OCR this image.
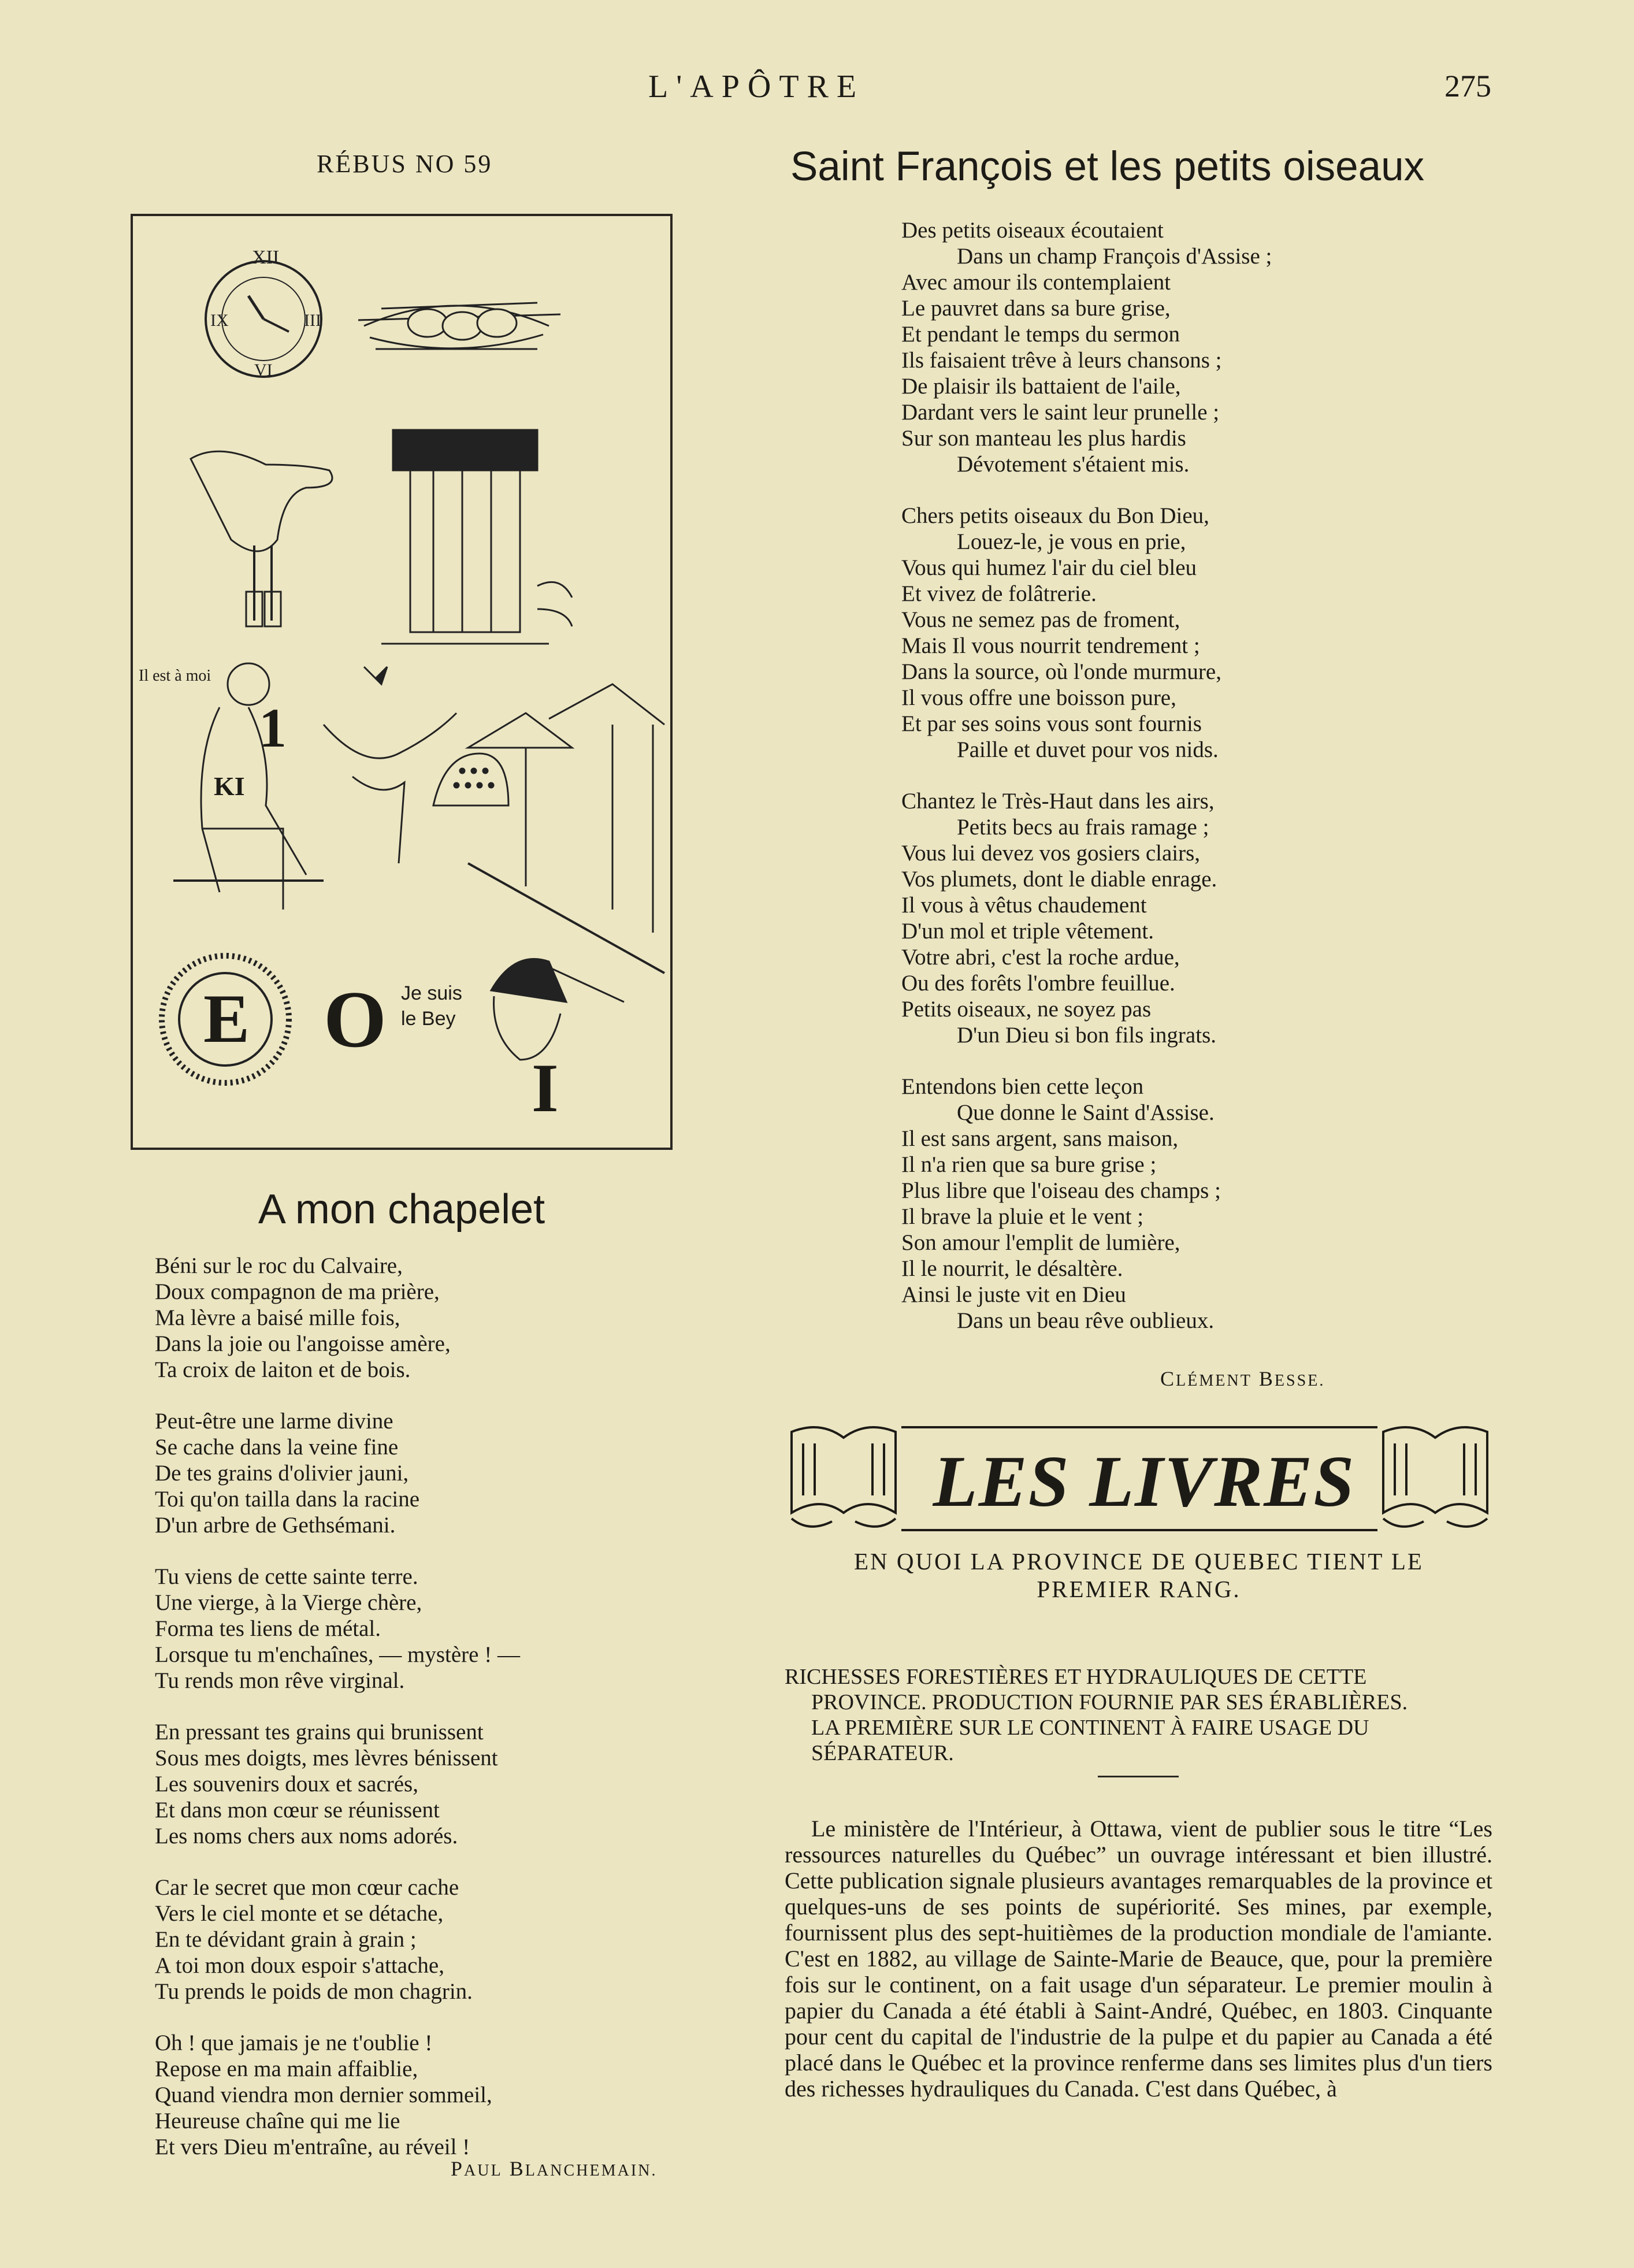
L'APÔTRE	275
RÉBUS NO 59
XII
III
VI
IX
Il est à moi
KI
1
E O Je suis
le Bey
I
A mon chapelet
Béni sur le roc du Calvaire,
Doux compagnon de ma prière,
Ma lèvre a baisé mille fois,
Dans la joie ou l'angoisse amère,
Ta croix de laiton et de bois.
Peut-être une larme divine
Se cache dans la veine fine
De tes grains d'olivier jauni,
Toi qu'on tailla dans la racine
D'un arbre de Gethsémani.
Tu viens de cette sainte terre.
Une vierge, à la Vierge chère,
Forma tes liens de métal.
Lorsque tu m'enchaînes, — mystère ! —
Tu rends mon rêve virginal.
En pressant tes grains qui brunissent
Sous mes doigts, mes lèvres bénissent
Les souvenirs doux et sacrés,
Et dans mon cœur se réunissent
Les noms chers aux noms adorés.
Car le secret que mon cœur cache
Vers le ciel monte et se détache,
En te dévidant grain à grain ;
A toi mon doux espoir s'attache,
Tu prends le poids de mon chagrin.
Oh ! que jamais je ne t'oublie !
Repose en ma main affaiblie,
Quand viendra mon dernier sommeil,
Heureuse chaîne qui me lie
Et vers Dieu m'entraîne, au réveil !
PAUL BLANCHEMAIN.
Saint François et les petits oiseaux
Des petits oiseaux écoutaient
Dans un champ François d'Assise ;
Avec amour ils contemplaient
Le pauvret dans sa bure grise,
Et pendant le temps du sermon
Ils faisaient trêve à leurs chansons ;
De plaisir ils battaient de l'aile,
Dardant vers le saint leur prunelle ;
Sur son manteau les plus hardis
Dévotement s'étaient mis.
Chers petits oiseaux du Bon Dieu,
Louez-le, je vous en prie,
Vous qui humez l'air du ciel bleu
Et vivez de folâtrerie.
Vous ne semez pas de froment,
Mais Il vous nourrit tendrement ;
Dans la source, où l'onde murmure,
Il vous offre une boisson pure,
Et par ses soins vous sont fournis
Paille et duvet pour vos nids.
Chantez le Très-Haut dans les airs,
Petits becs au frais ramage ;
Vous lui devez vos gosiers clairs,
Vos plumets, dont le diable enrage.
Il vous à vêtus chaudement
D'un mol et triple vêtement.
Votre abri, c'est la roche ardue,
Ou des forêts l'ombre feuillue.
Petits oiseaux, ne soyez pas
D'un Dieu si bon fils ingrats.
Entendons bien cette leçon
Que donne le Saint d'Assise.
Il est sans argent, sans maison,
Il n'a rien que sa bure grise ;
Plus libre que l'oiseau des champs ;
Il brave la pluie et le vent ;
Son amour l'emplit de lumière,
Il le nourrit, le désaltère.
Ainsi le juste vit en Dieu
Dans un beau rêve oublieux.
CLÉMENT BESSE.
LES LIVRES
EN QUOI LA PROVINCE DE QUEBEC TIENT LE
PREMIER RANG.
RICHESSES FORESTIÈRES ET HYDRAULIQUES DE CETTE
PROVINCE. PRODUCTION FOURNIE PAR SES ÉRABLIÈRES.
LA PREMIÈRE SUR LE CONTINENT À FAIRE USAGE DU
SÉPARATEUR.

Le ministère de l'Intérieur, à Ottawa, vient de publier sous le titre “Les ressources naturelles du Québec” un ouvrage intéressant et bien illustré. Cette publication signale plusieurs avantages remarquables de la province et quelques-uns de ses points de supériorité. Ses mines, par exemple, fournissent plus des sept-huitièmes de la production mondiale de l'amiante. C'est en 1882, au village de Sainte-Marie de Beauce, que, pour la première fois sur le continent, on a fait usage d'un séparateur. Le premier moulin à papier du Canada a été établi à Saint-André, Québec, en 1803. Cinquante pour cent du capital de l'industrie de la pulpe et du papier au Canada a été placé dans le Québec et la province renferme dans ses limites plus d'un tiers des richesses hydrauliques du Canada. C'est dans Québec, à
